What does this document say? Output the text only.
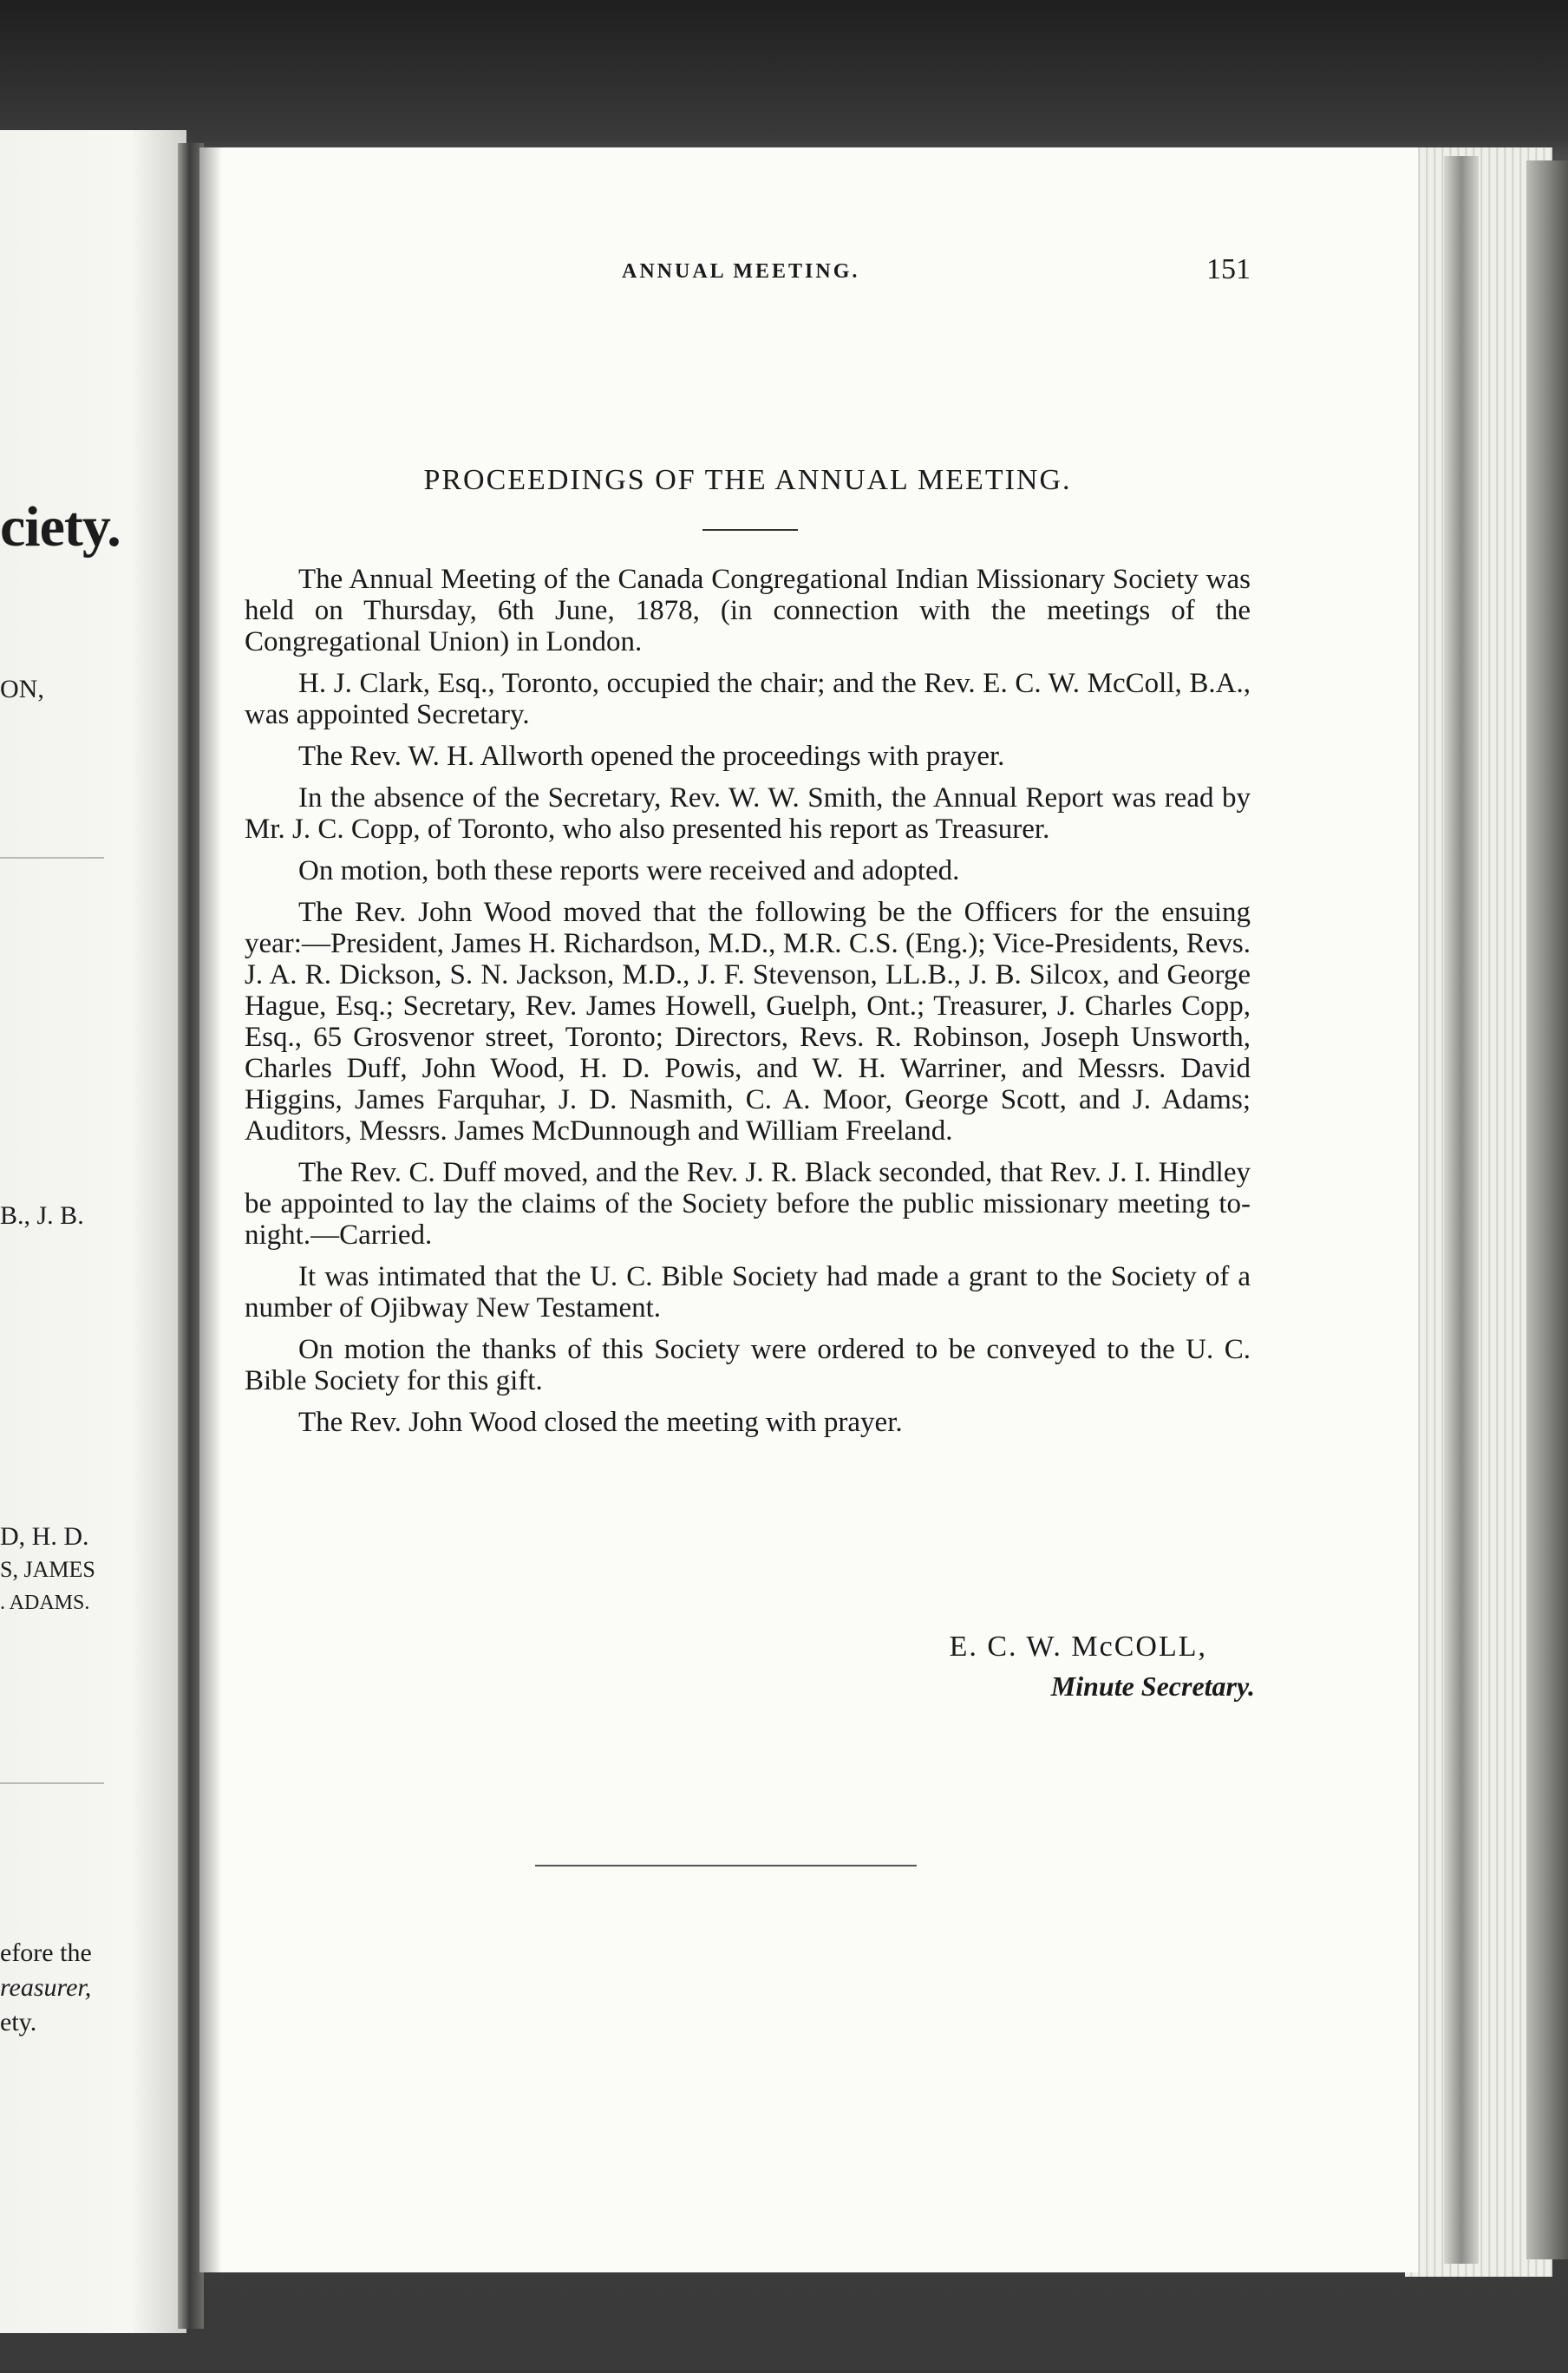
ciety.
ON,
B., J. B.
D, H. D.
S, JAMES
. ADAMS.
efore the
reasurer,
ety.
ANNUAL MEETING.	151
PROCEEDINGS OF THE ANNUAL MEETING.

The Annual Meeting of the Canada Congregational Indian Missionary Society was held on Thursday, 6th June, 1878, (in connection with the meetings of the Congregational Union) in London.

H. J. Clark, Esq., Toronto, occupied the chair; and the Rev. E. C. W. McColl, B.A., was appointed Secretary.

The Rev. W. H. Allworth opened the proceedings with prayer.

In the absence of the Secretary, Rev. W. W. Smith, the Annual Report was read by Mr. J. C. Copp, of Toronto, who also presented his report as Treasurer.

On motion, both these reports were received and adopted.

The Rev. John Wood moved that the following be the Officers for the ensuing year:—President, James H. Richardson, M.D., M.R. C.S. (Eng.); Vice-Presidents, Revs. J. A. R. Dickson, S. N. Jackson, M.D., J. F. Stevenson, LL.B., J. B. Silcox, and George Hague, Esq.; Secretary, Rev. James Howell, Guelph, Ont.; Treasurer, J. Charles Copp, Esq., 65 Grosvenor street, Toronto; Directors, Revs. R. Robinson, Joseph Unsworth, Charles Duff, John Wood, H. D. Powis, and W. H. Warriner, and Messrs. David Higgins, James Farquhar, J. D. Nasmith, C. A. Moor, George Scott, and J. Adams; Auditors, Messrs. James McDunnough and William Freeland.

The Rev. C. Duff moved, and the Rev. J. R. Black seconded, that Rev. J. I. Hindley be appointed to lay the claims of the Society before the public missionary meeting to-night.—Carried.

It was intimated that the U. C. Bible Society had made a grant to the Society of a number of Ojibway New Testament.

On motion the thanks of this Society were ordered to be conveyed to the U. C. Bible Society for this gift.

The Rev. John Wood closed the meeting with prayer.

E. C. W. McCOLL,
Minute Secretary.
